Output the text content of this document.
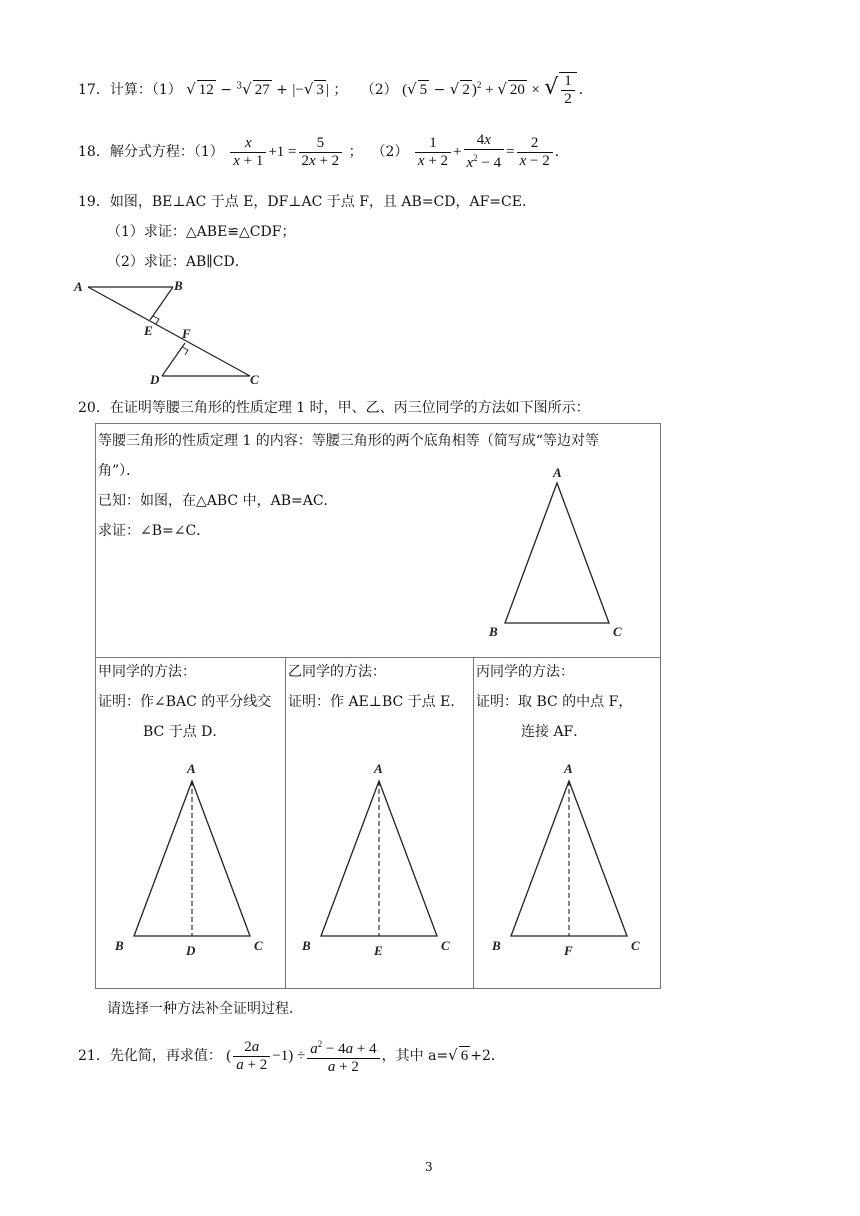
17．计算：（1） √ 12 − $^3$√ 27 + |−√ 3 | ； （2） (√ 5 − √ 2 )$^2$ + √ 20 × √ $\frac{1}{2}$ ．
18．解分式方程：$(1) \frac{x}{x + 1} +1 = \frac{5}{2x + 2}$ ； $(2) \frac{1}{x + 2} + \frac{4x}{x^2 - 4} = \frac{2}{x - 2}$ ．
19．如图，BE⊥AC 于点 E，DF⊥AC 于点 F，且 AB=CD，AF=CE．
（1）求证：△ABE≌△CDF；
（2）求证：AB∥CD．
A	B
C
D
E F
20．在证明等腰三角形的性质定理 1 时，甲、乙、丙三位同学的方法如下图所示：
等腰三角形的性质定理 1 的内容：等腰三角形的两个底角相等（简写成“等边对等
角”）．
已知：如图，在△ABC 中，AB=AC．
求证：∠B=∠C．
A
B	C
甲同学的方法：
证明：作∠BAC 的平分线交
BC 于点 D．
A
B	C
D
乙同学的方法：
证明：作 AE⊥BC 于点 E．
A
B	C
E
丙同学的方法：
证明：取 BC 的中点 F，
连接 AF．
A
B	C
F
请选择一种方法补全证明过程．
21．先化简，再求值： ( $\frac{2a}{a + 2} -1) \div \frac{a^2 - 4a + 4}{a + 2}$ ，其中 a=√ 6 +2．
3
